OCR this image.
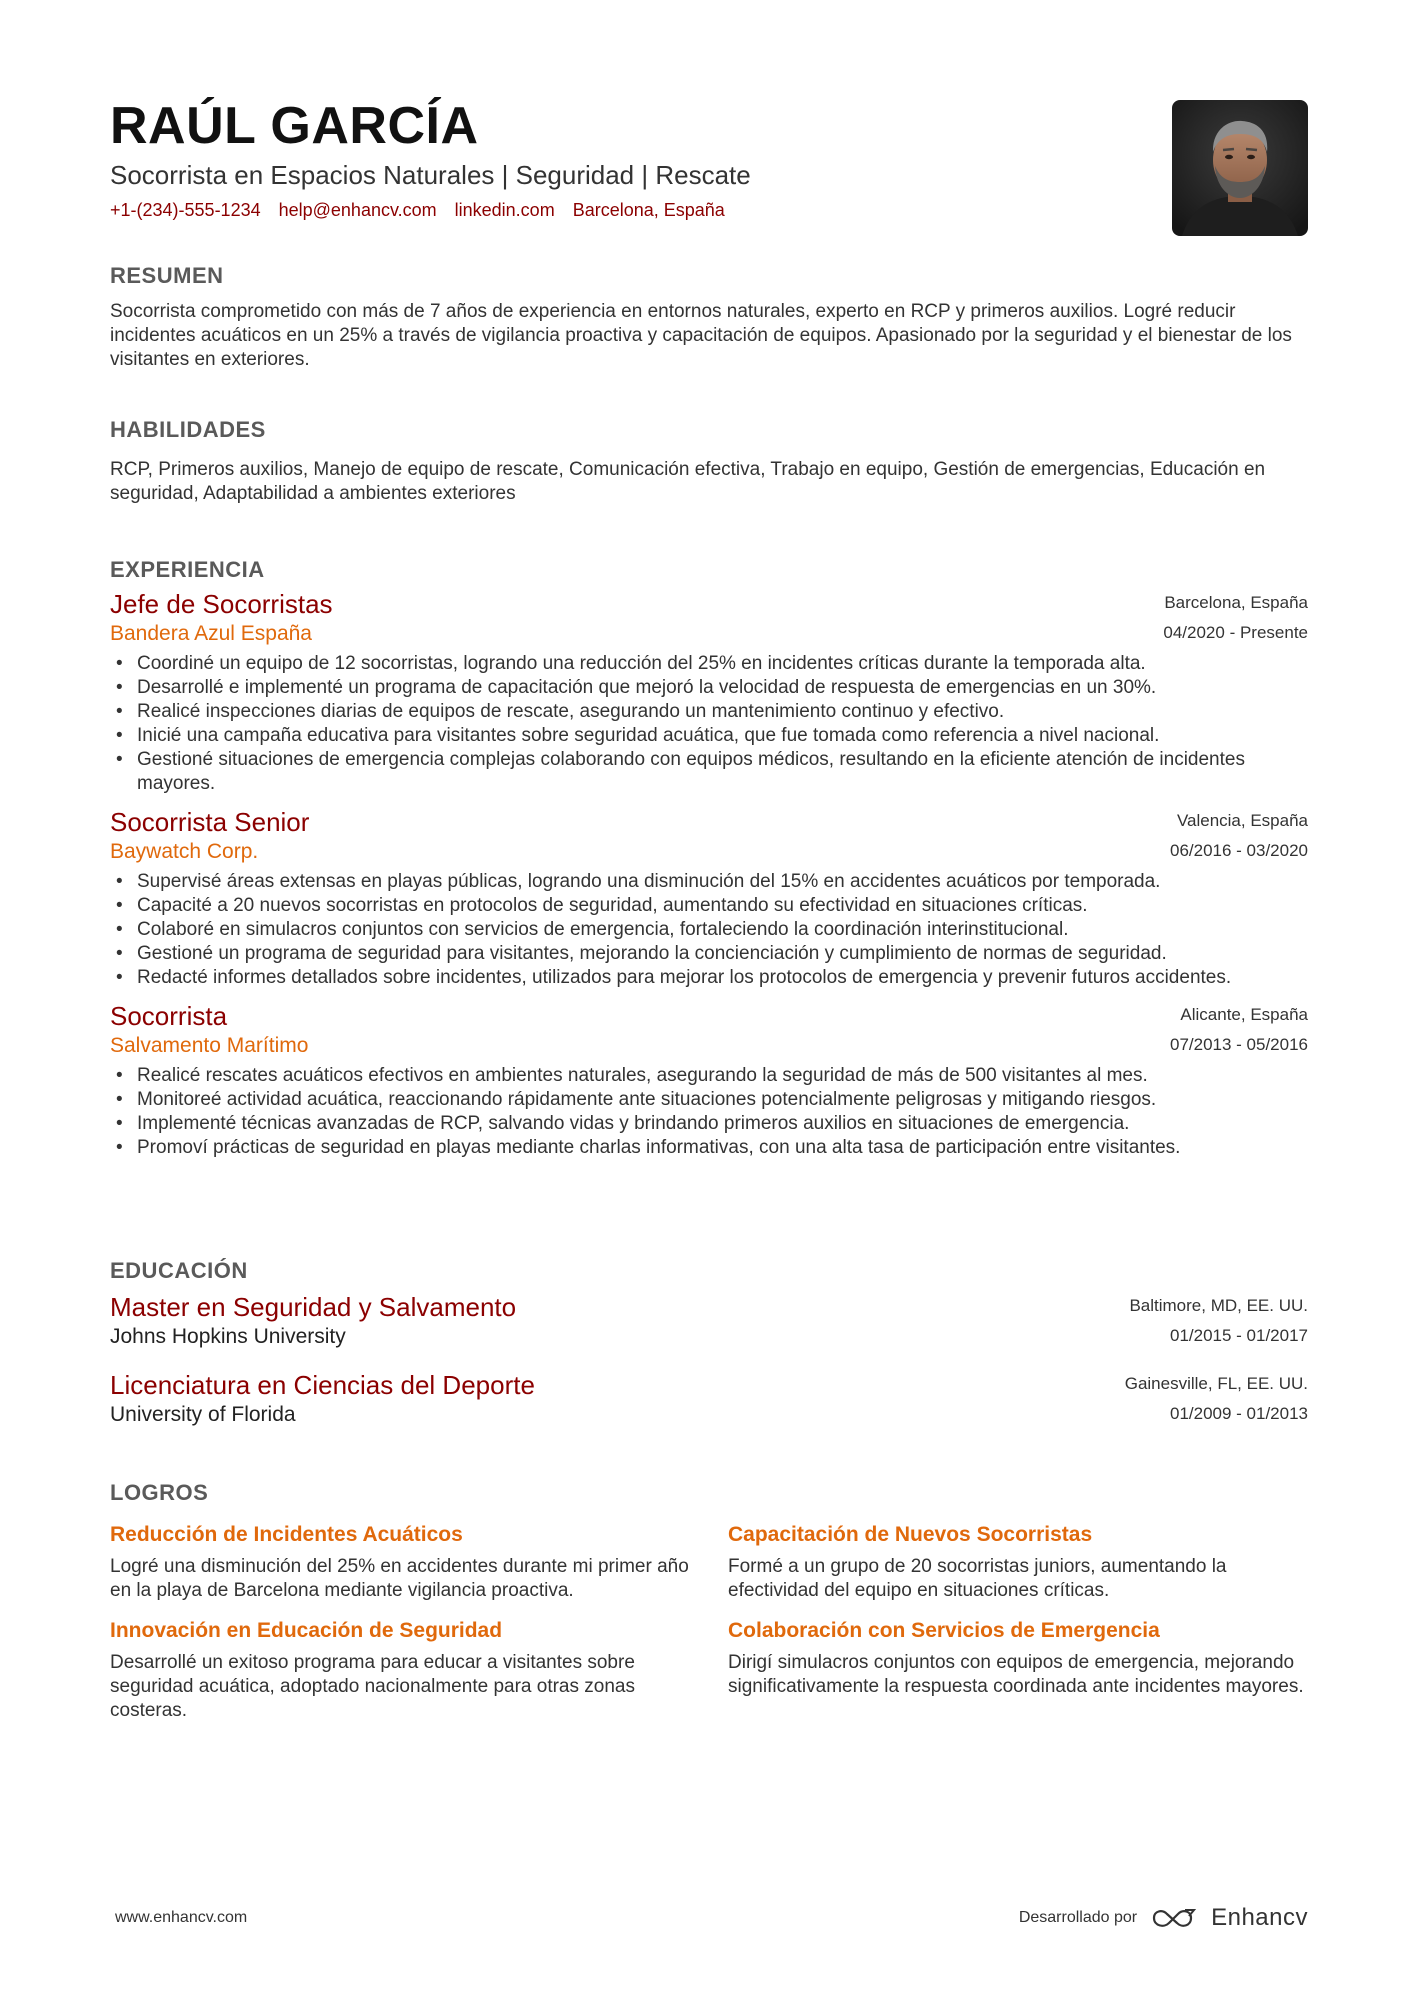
RAÚL GARCÍA
Socorrista en Espacios Naturales | Seguridad | Rescate
+1-(234)-555-1234 help@enhancv.com linkedin.com Barcelona, España
RESUMEN
Socorrista comprometido con más de 7 años de experiencia en entornos naturales, experto en RCP y primeros auxilios. Logré reducir incidentes acuáticos en un 25% a través de vigilancia proactiva y capacitación de equipos. Apasionado por la seguridad y el bienestar de los visitantes en exteriores.
HABILIDADES
RCP, Primeros auxilios, Manejo de equipo de rescate, Comunicación efectiva, Trabajo en equipo, Gestión de emergencias, Educación en seguridad, Adaptabilidad a ambientes exteriores
EXPERIENCIA
Jefe de Socorristas
Bandera Azul España
Barcelona, España
04/2020 - Presente
• Coordiné un equipo de 12 socorristas, logrando una reducción del 25% en incidentes críticas durante la temporada alta.
• Desarrollé e implementé un programa de capacitación que mejoró la velocidad de respuesta de emergencias en un 30%.
• Realicé inspecciones diarias de equipos de rescate, asegurando un mantenimiento continuo y efectivo.
• Inicié una campaña educativa para visitantes sobre seguridad acuática, que fue tomada como referencia a nivel nacional.
• Gestioné situaciones de emergencia complejas colaborando con equipos médicos, resultando en la eficiente atención de incidentes mayores.
Socorrista Senior
Baywatch Corp.
Valencia, España
06/2016 - 03/2020
• Supervisé áreas extensas en playas públicas, logrando una disminución del 15% en accidentes acuáticos por temporada.
• Capacité a 20 nuevos socorristas en protocolos de seguridad, aumentando su efectividad en situaciones críticas.
• Colaboré en simulacros conjuntos con servicios de emergencia, fortaleciendo la coordinación interinstitucional.
• Gestioné un programa de seguridad para visitantes, mejorando la concienciación y cumplimiento de normas de seguridad.
• Redacté informes detallados sobre incidentes, utilizados para mejorar los protocolos de emergencia y prevenir futuros accidentes.
Socorrista
Salvamento Marítimo
Alicante, España
07/2013 - 05/2016
• Realicé rescates acuáticos efectivos en ambientes naturales, asegurando la seguridad de más de 500 visitantes al mes.
• Monitoreé actividad acuática, reaccionando rápidamente ante situaciones potencialmente peligrosas y mitigando riesgos.
• Implementé técnicas avanzadas de RCP, salvando vidas y brindando primeros auxilios en situaciones de emergencia.
• Promoví prácticas de seguridad en playas mediante charlas informativas, con una alta tasa de participación entre visitantes.
EDUCACIÓN
Master en Seguridad y Salvamento
Johns Hopkins University
Baltimore, MD, EE. UU.
01/2015 - 01/2017
Licenciatura en Ciencias del Deporte
University of Florida
Gainesville, FL, EE. UU.
01/2009 - 01/2013
LOGROS
Reducción de Incidentes Acuáticos
Logré una disminución del 25% en accidentes durante mi primer año en la playa de Barcelona mediante vigilancia proactiva.
Capacitación de Nuevos Socorristas
Formé a un grupo de 20 socorristas juniors, aumentando la efectividad del equipo en situaciones críticas.
Innovación en Educación de Seguridad
Desarrollé un exitoso programa para educar a visitantes sobre seguridad acuática, adoptado nacionalmente para otras zonas costeras.
Colaboración con Servicios de Emergencia
Dirigí simulacros conjuntos con equipos de emergencia, mejorando significativamente la respuesta coordinada ante incidentes mayores.
www.enhancv.com	Desarrollado por	Enhancv
